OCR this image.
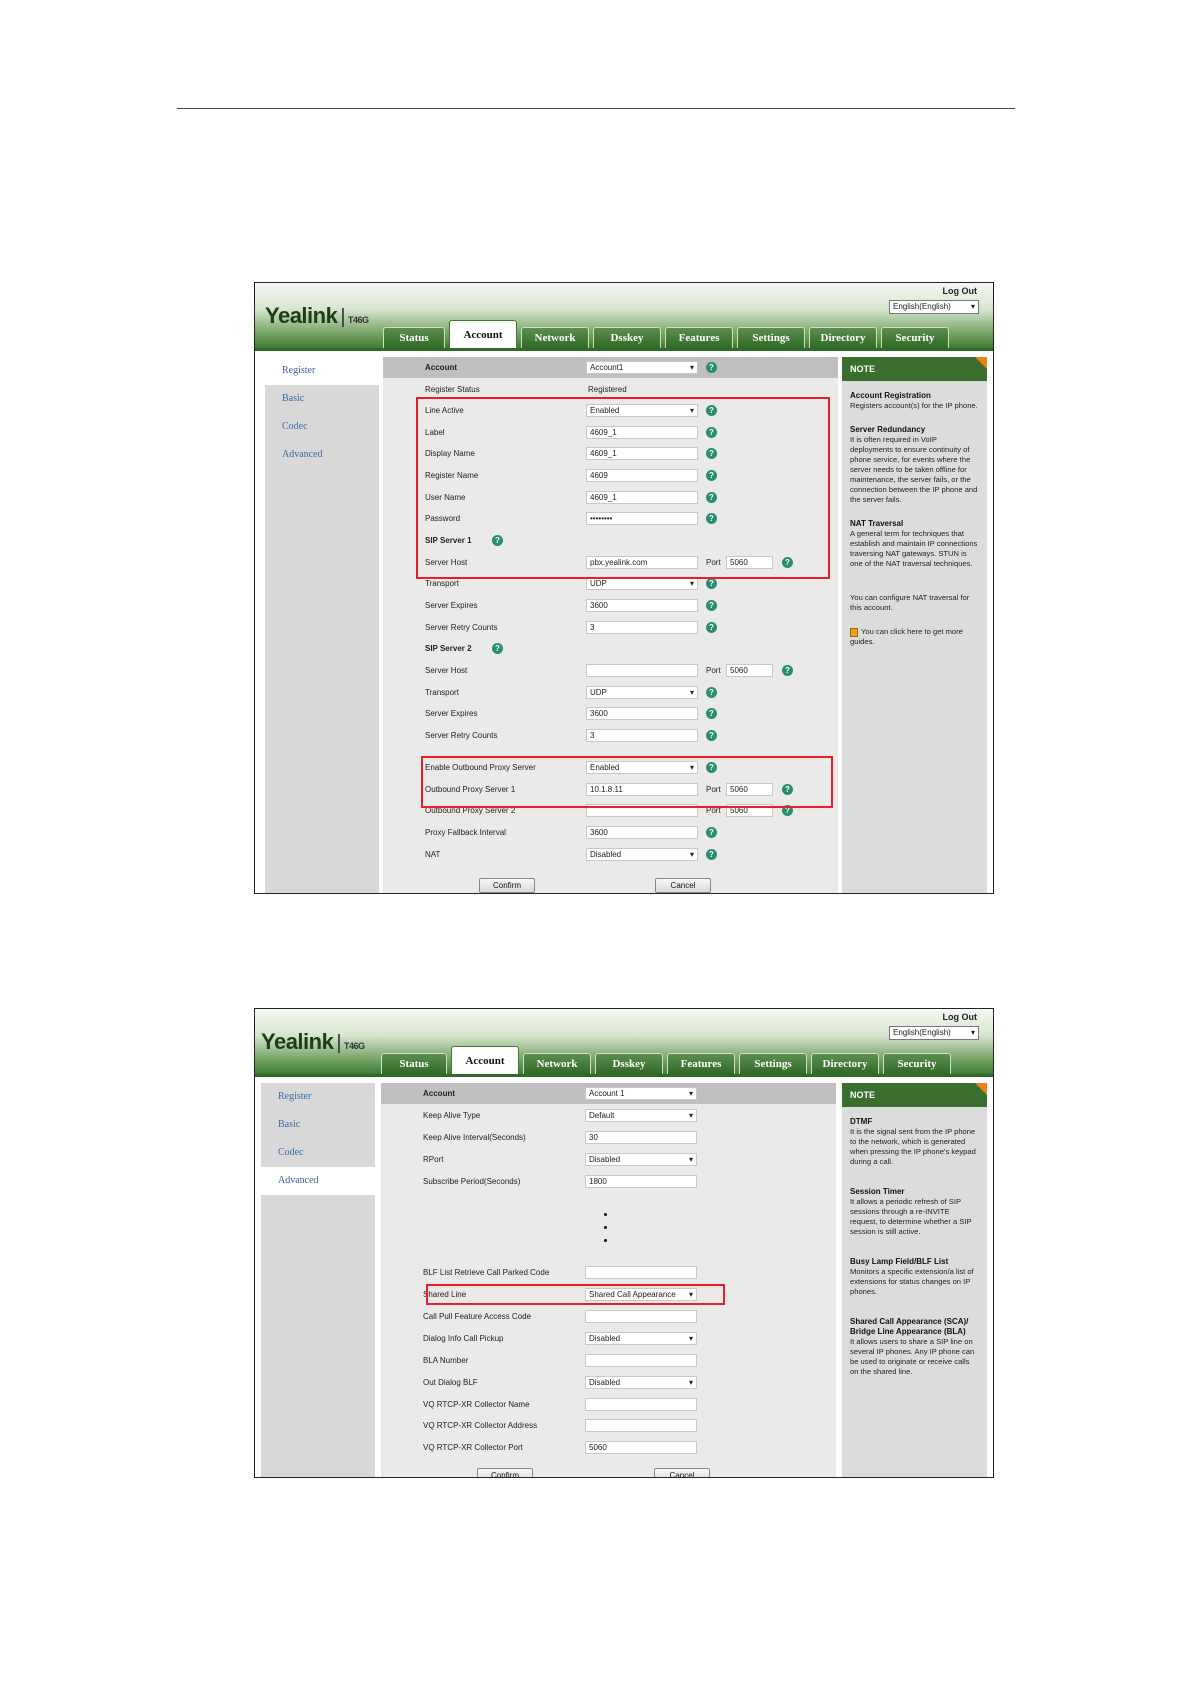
Yealink | T46G
Log Out
English(English) ▾
Status	Account	Network	Dsskey	Features	Settings	Directory	Security
Register
Basic
Codec
Advanced
Account	Account1 ▾	?
Register Status	Registered
Line Active	Enabled ▾	?
Label	4609_1	?
Display Name	4609_1	?
Register Name	4609	?
User Name	4609_1	?
Password	••••••••	?
SIP Server 1	?
Server Host	pbx.yealink.com	Port	5060	?
Transport	UDP ▾	?
Server Expires	3600	?
Server Retry Counts	3	?
SIP Server 2	?
Server Host	Port	5060	?
Transport	UDP ▾	?
Server Expires	3600	?
Server Retry Counts	3	?
Enable Outbound Proxy Server	Enabled ▾	?
Outbound Proxy Server 1	10.1.8.11	Port	5060	?
Outbound Proxy Server 2	Port	5060	?
Proxy Fallback Interval	3600	?
NAT	Disabled ▾	?
Confirm	Cancel
NOTE
Account Registration

Registers account(s) for the IP phone.

Server Redundancy

It is often required in VoIP deployments to ensure continuity of phone service, for events where the server needs to be taken offline for maintenance, the server fails, or the connection between the IP phone and the server fails.

NAT Traversal

A general term for techniques that establish and maintain IP connections traversing NAT gateways. STUN is one of the NAT traversal techniques.

You can configure NAT traversal for this account.

You can click here to get more guides.

Yealink | T46G
Log Out
English(English) ▾
Status	Account	Network	Dsskey	Features	Settings	Directory	Security
Register
Basic
Codec
Advanced
Account	Account 1 ▾
Keep Alive Type	Default ▾
Keep Alive Interval(Seconds)	30
RPort	Disabled ▾
Subscribe Period(Seconds)	1800
BLF List Retrieve Call Parked Code
Shared Line	Shared Call Appearance ▾
Call Pull Feature Access Code
Dialog Info Call Pickup	Disabled ▾
BLA Number
Out Dialog BLF	Disabled ▾
VQ RTCP-XR Collector Name
VQ RTCP-XR Collector Address
VQ RTCP-XR Collector Port	5060
Confirm	Cancel
NOTE
DTMF

It is the signal sent from the IP phone to the network, which is generated when pressing the IP phone's keypad during a call.

Session Timer

It allows a periodic refresh of SIP sessions through a re-INVITE request, to determine whether a SIP session is still active.

Busy Lamp Field/BLF List

Monitors a specific extension/a list of extensions for status changes on IP phones.

Shared Call Appearance (SCA)/ Bridge Line Appearance (BLA)

It allows users to share a SIP line on several IP phones. Any IP phone can be used to originate or receive calls on the shared line.
